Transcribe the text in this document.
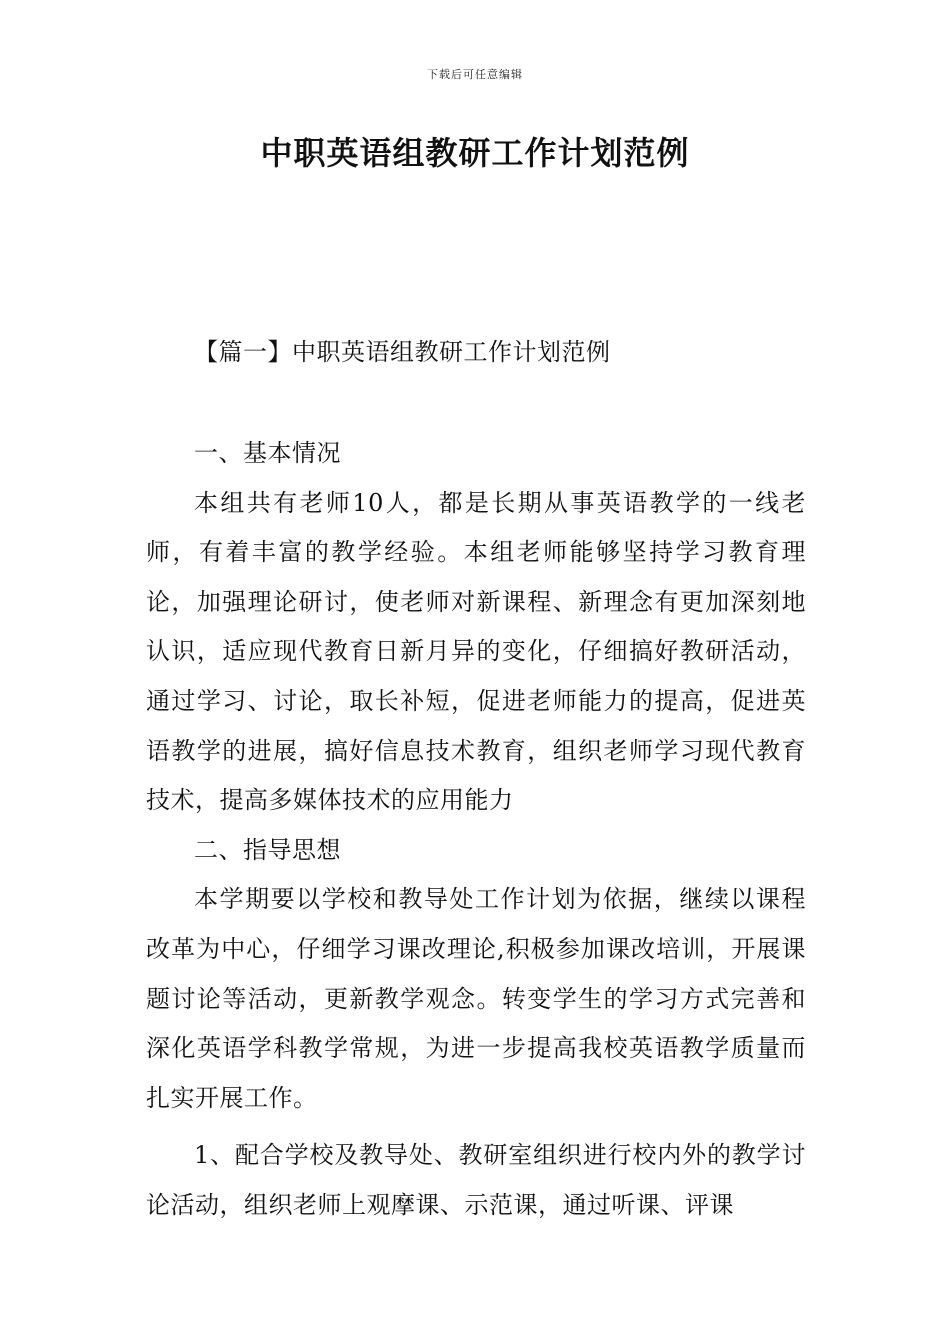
下载后可任意编辑
中职英语组教研工作计划范例
【篇一】中职英语组教研工作计划范例

一、基本情况

本组共有老师10人，都是长期从事英语教学的一线老师，有着丰富的教学经验。本组老师能够坚持学习教育理论，加强理论研讨，使老师对新课程、新理念有更加深刻地认识，适应现代教育日新月异的变化，仔细搞好教研活动，通过学习、讨论，取长补短，促进老师能力的提高，促进英语教学的进展，搞好信息技术教育，组织老师学习现代教育技术，提高多媒体技术的应用能力

二、指导思想

本学期要以学校和教导处工作计划为依据，继续以课程改革为中心，仔细学习课改理论,积极参加课改培训，开展课题讨论等活动，更新教学观念。转变学生的学习方式完善和深化英语学科教学常规，为进一步提高我校英语教学质量而扎实开展工作。

1、配合学校及教导处、教研室组织进行校内外的教学讨论活动，组织老师上观摩课、示范课，通过听课、评课
